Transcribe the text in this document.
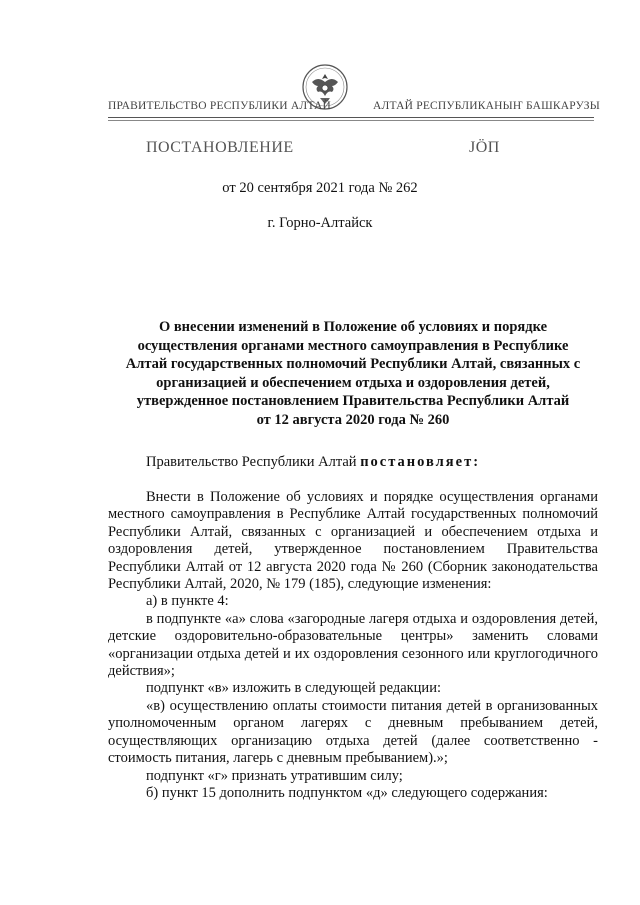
ПРАВИТЕЛЬСТВО РЕСПУБЛИКИ АЛТАЙ	АЛТАЙ РЕСПУБЛИКАНЫҤ БАШКАРУЗЫ
ПОСТАНОВЛЕНИЕ	ЈӦП
от 20 сентября 2021 года № 262
г. Горно-Алтайск
О внесении изменений в Положение об условиях и порядке
осуществления органами местного самоуправления в Республике
Алтай государственных полномочий Республики Алтай, связанных с
организацией и обеспечением отдыха и оздоровления детей,
утвержденное постановлением Правительства Республики Алтай
от 12 августа 2020 года № 260
Правительство Республики Алтай постановляет:

Внести в Положение об условиях и порядке осуществления органами местного самоуправления в Республике Алтай государственных полномочий Республики Алтай, связанных с организацией и обеспечением отдыха и оздоровления детей, утвержденное постановлением Правительства Республики Алтай от 12 августа 2020 года № 260 (Сборник законодательства Республики Алтай, 2020, № 179 (185), следующие изменения:

а) в пункте 4:

в подпункте «а» слова «загородные лагеря отдыха и оздоровления детей, детские оздоровительно-образовательные центры» заменить словами «организации отдыха детей и их оздоровления сезонного или круглогодичного действия»;

подпункт «в» изложить в следующей редакции:

«в) осуществлению оплаты стоимости питания детей в организованных уполномоченным органом лагерях с дневным пребыванием детей, осуществляющих организацию отдыха детей (далее соответственно - стоимость питания, лагерь с дневным пребыванием).»;

подпункт «г» признать утратившим силу;

б) пункт 15 дополнить подпунктом «д» следующего содержания:
